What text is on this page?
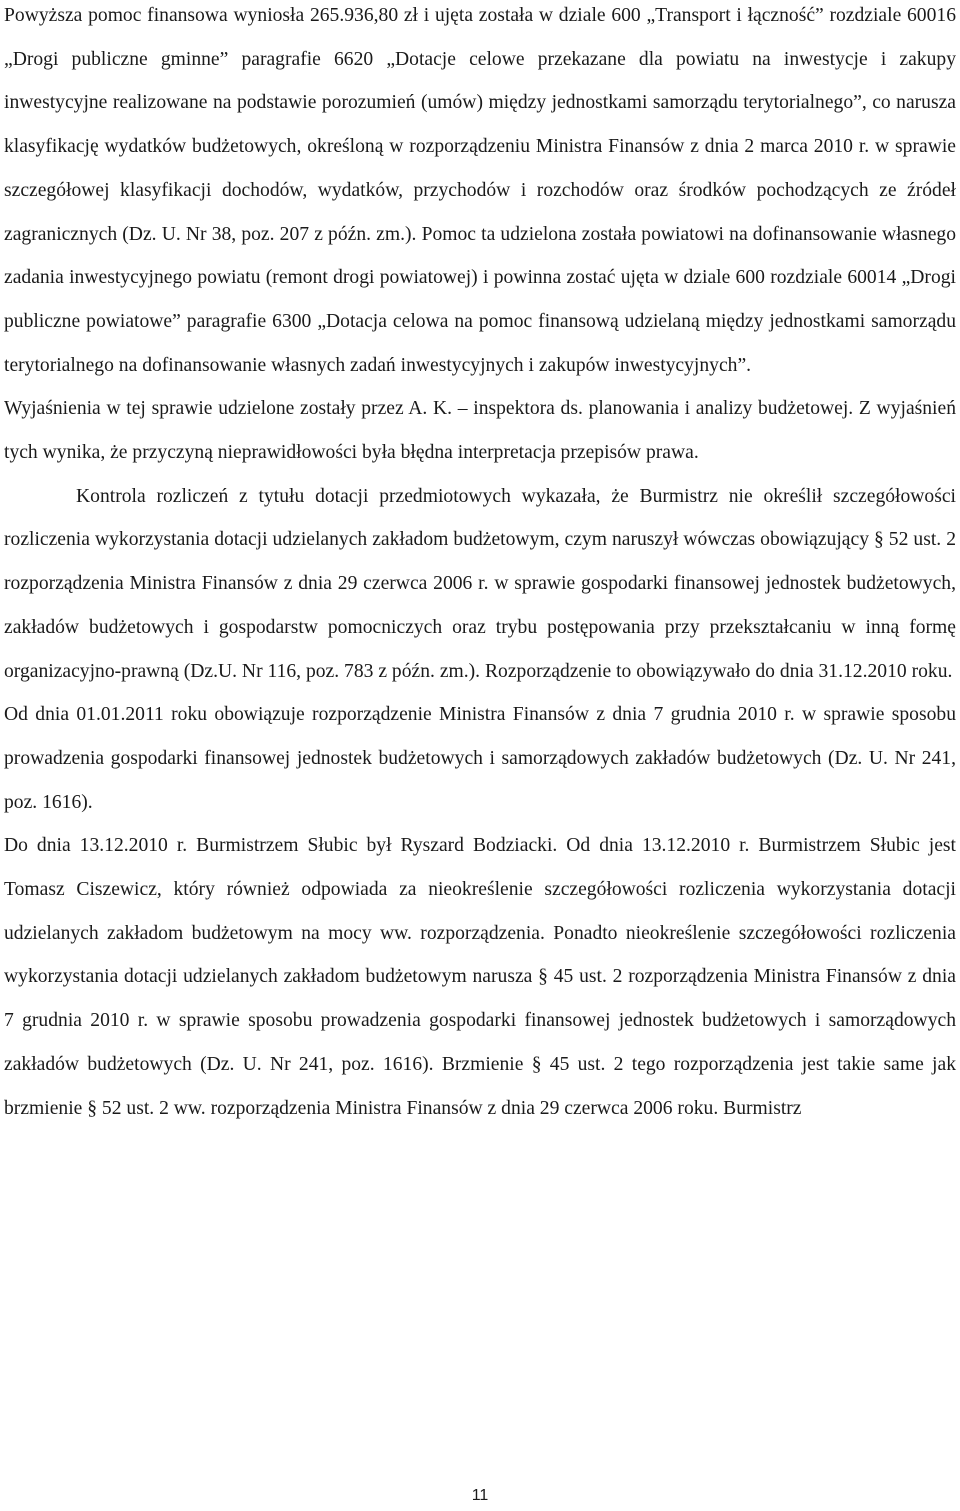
Powyższa pomoc finansowa wyniosła 265.936,80 zł i ujęta została w dziale 600 „Transport i łączność” rozdziale 60016 „Drogi publiczne gminne” paragrafie 6620 „Dotacje celowe przekazane dla powiatu na inwestycje i zakupy inwestycyjne realizowane na podstawie porozumień (umów) między jednostkami samorządu terytorialnego”, co narusza klasyfikację wydatków budżetowych, określoną w rozporządzeniu Ministra Finansów z dnia 2 marca 2010 r. w sprawie szczegółowej klasyfikacji dochodów, wydatków, przychodów i rozchodów oraz środków pochodzących ze źródeł zagranicznych (Dz. U. Nr 38, poz. 207 z późn. zm.). Pomoc ta udzielona została powiatowi na dofinansowanie własnego zadania inwestycyjnego powiatu (remont drogi powiatowej) i powinna zostać ujęta w dziale 600 rozdziale 60014 „Drogi publiczne powiatowe” paragrafie 6300 „Dotacja celowa na pomoc finansową udzielaną między jednostkami samorządu terytorialnego na dofinansowanie własnych zadań inwestycyjnych i zakupów inwestycyjnych”.

Wyjaśnienia w tej sprawie udzielone zostały przez A. K. – inspektora ds. planowania i analizy budżetowej. Z wyjaśnień tych wynika, że przyczyną nieprawidłowości była błędna interpretacja przepisów prawa.

Kontrola rozliczeń z tytułu dotacji przedmiotowych wykazała, że Burmistrz nie określił szczegółowości rozliczenia wykorzystania dotacji udzielanych zakładom budżetowym, czym naruszył wówczas obowiązujący § 52 ust. 2 rozporządzenia Ministra Finansów z dnia 29 czerwca 2006 r. w sprawie gospodarki finansowej jednostek budżetowych, zakładów budżetowych i gospodarstw pomocniczych oraz trybu postępowania przy przekształcaniu w inną formę organizacyjno-prawną (Dz.U. Nr 116, poz. 783 z późn. zm.). Rozporządzenie to obowiązywało do dnia 31.12.2010 roku.

Od dnia 01.01.2011 roku obowiązuje rozporządzenie Ministra Finansów z dnia 7 grudnia 2010 r. w sprawie sposobu prowadzenia gospodarki finansowej jednostek budżetowych i samorządowych zakładów budżetowych (Dz. U. Nr 241, poz. 1616).

Do dnia 13.12.2010 r. Burmistrzem Słubic był Ryszard Bodziacki. Od dnia 13.12.2010 r. Burmistrzem Słubic jest Tomasz Ciszewicz, który również odpowiada za nieokreślenie szczegółowości rozliczenia wykorzystania dotacji udzielanych zakładom budżetowym na mocy ww. rozporządzenia. Ponadto nieokreślenie szczegółowości rozliczenia wykorzystania dotacji udzielanych zakładom budżetowym narusza § 45 ust. 2 rozporządzenia Ministra Finansów z dnia 7 grudnia 2010 r. w sprawie sposobu prowadzenia gospodarki finansowej jednostek budżetowych i samorządowych zakładów budżetowych (Dz. U. Nr 241, poz. 1616). Brzmienie § 45 ust. 2 tego rozporządzenia jest takie same jak brzmienie § 52 ust. 2 ww. rozporządzenia Ministra Finansów z dnia 29 czerwca 2006 roku. Burmistrz

11
